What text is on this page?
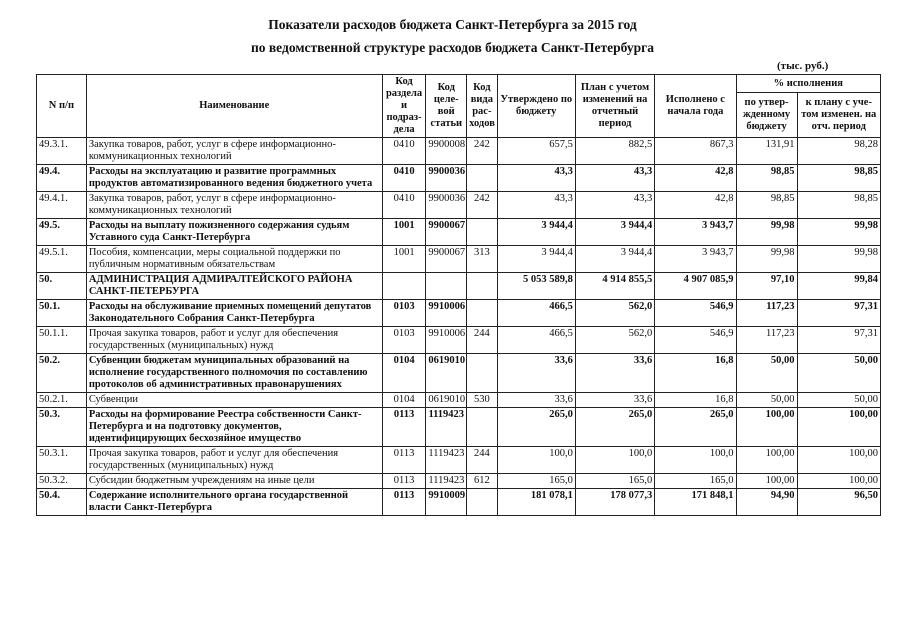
Показатели расходов бюджета Санкт-Петербурга за 2015 год
по ведомственной структуре расходов бюджета Санкт-Петербурга
(тыс. руб.)
N п/п	Наименование	Код раздела и подраз-дела	Код целе-вой статьи	Код вида рас-ходов	Утверждено по бюджету	План с учетом изменений на отчетный период	Исполнено с начала года	% исполнения	
								по утвер-жденному бюджету	к плану с уче-том изменен. на отч. период
49.3.1.	Закупка товаров, работ, услуг в сфере информационно-коммуникационных технологий	0410	9900008	242	657,5	882,5	867,3	131,91	98,28
49.4.	Расходы на эксплуатацию и развитие программных продуктов автоматизированного ведения бюджетного учета	0410	9900036		43,3	43,3	42,8	98,85	98,85
49.4.1.	Закупка товаров, работ, услуг в сфере информационно-коммуникационных технологий	0410	9900036	242	43,3	43,3	42,8	98,85	98,85
49.5.	Расходы на выплату пожизненного содержания судьям Уставного суда Санкт-Петербурга	1001	9900067		3 944,4	3 944,4	3 943,7	99,98	99,98
49.5.1.	Пособия, компенсации, меры социальной поддержки по публичным нормативным обязательствам	1001	9900067	313	3 944,4	3 944,4	3 943,7	99,98	99,98
50.	АДМИНИСТРАЦИЯ АДМИРАЛТЕЙСКОГО РАЙОНА САНКТ-ПЕТЕРБУРГА				5 053 589,8	4 914 855,5	4 907 085,9	97,10	99,84
50.1.	Расходы на обслуживание приемных помещений депутатов Законодательного Собрания Санкт-Петербурга	0103	9910006		466,5	562,0	546,9	117,23	97,31
50.1.1.	Прочая закупка товаров, работ и услуг для обеспечения государственных (муниципальных) нужд	0103	9910006	244	466,5	562,0	546,9	117,23	97,31
50.2.	Субвенции бюджетам муниципальных образований на исполнение государственного полномочия по составлению протоколов об административных правонарушениях	0104	0619010		33,6	33,6	16,8	50,00	50,00
50.2.1.	Субвенции	0104	0619010	530	33,6	33,6	16,8	50,00	50,00
50.3.	Расходы на формирование Реестра собственности Санкт-Петербурга и на подготовку документов, идентифицирующих бесхозяйное имущество	0113	1119423		265,0	265,0	265,0	100,00	100,00
50.3.1.	Прочая закупка товаров, работ и услуг для обеспечения государственных (муниципальных) нужд	0113	1119423	244	100,0	100,0	100,0	100,00	100,00
50.3.2.	Субсидии бюджетным учреждениям на иные цели	0113	1119423	612	165,0	165,0	165,0	100,00	100,00
50.4.	Содержание исполнительного органа государственной власти Санкт-Петербурга	0113	9910009		181 078,1	178 077,3	171 848,1	94,90	96,50
